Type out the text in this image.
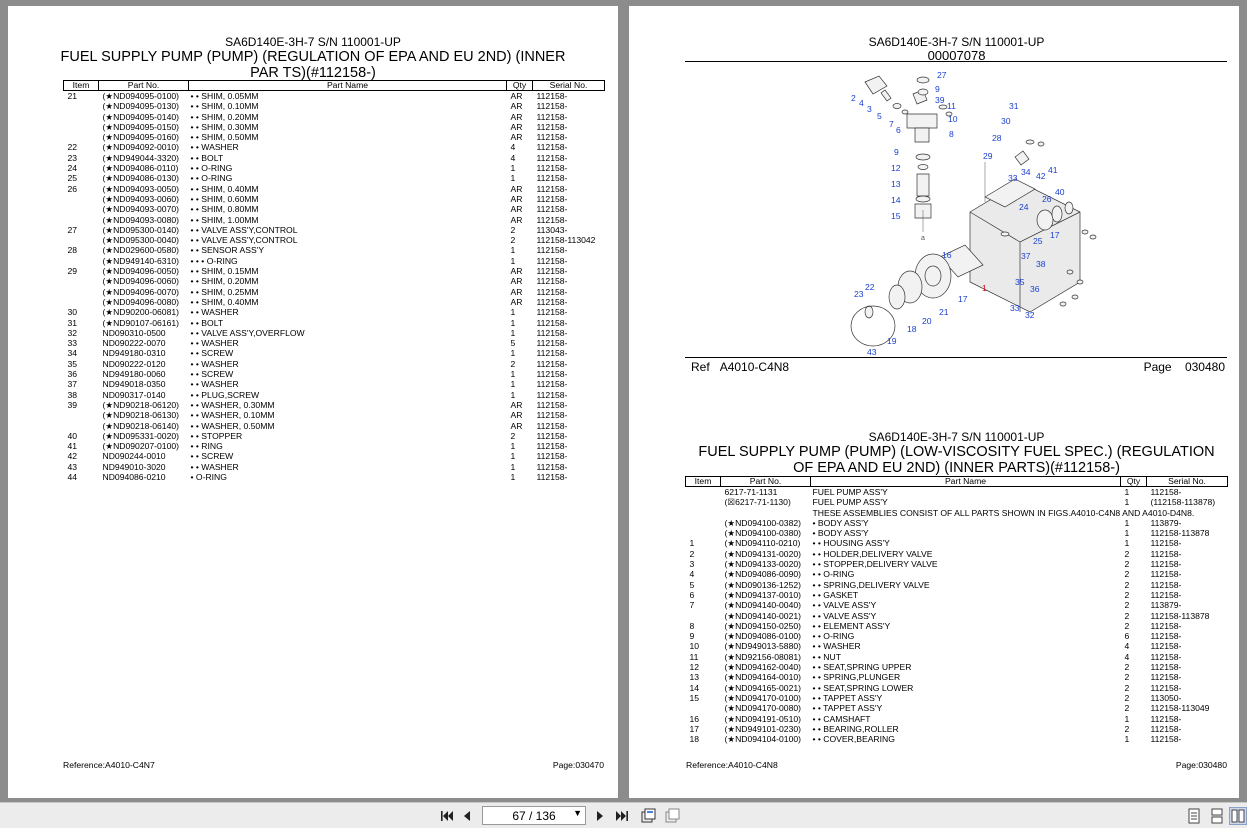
SA6D140E-3H-7 S/N 110001-UP
FUEL SUPPLY PUMP (PUMP) (REGULATION OF EPA AND EU 2ND) (INNER
PAR TS)(#112158-)
Item	Part No.	Part Name	Qty	Serial No.
21	(★ND094095-0100)	• • SHIM, 0.05MM	AR	112158-
	(★ND094095-0130)	• • SHIM, 0.10MM	AR	112158-
	(★ND094095-0140)	• • SHIM, 0.20MM	AR	112158-
	(★ND094095-0150)	• • SHIM, 0.30MM	AR	112158-
	(★ND094095-0160)	• • SHIM, 0.50MM	AR	112158-
22	(★ND094092-0010)	• • WASHER	4	112158-
23	(★ND949044-3320)	• • BOLT	4	112158-
24	(★ND094086-0110)	• • O-RING	1	112158-
25	(★ND094086-0130)	• • O-RING	1	112158-
26	(★ND094093-0050)	• • SHIM, 0.40MM	AR	112158-
	(★ND094093-0060)	• • SHIM, 0.60MM	AR	112158-
	(★ND094093-0070)	• • SHIM, 0.80MM	AR	112158-
	(★ND094093-0080)	• • SHIM, 1.00MM	AR	112158-
27	(★ND095300-0140)	• • VALVE ASS'Y,CONTROL	2	113043-
	(★ND095300-0040)	• • VALVE ASS'Y,CONTROL	2	112158-113042
28	(★ND029600-0580)	• • SENSOR ASS'Y	1	112158-
	(★ND949140-6310)	• • • O-RING	1	112158-
29	(★ND094096-0050)	• • SHIM, 0.15MM	AR	112158-
	(★ND094096-0060)	• • SHIM, 0.20MM	AR	112158-
	(★ND094096-0070)	• • SHIM, 0.25MM	AR	112158-
	(★ND094096-0080)	• • SHIM, 0.40MM	AR	112158-
30	(★ND90200-06081)	• • WASHER	1	112158-
31	(★ND90107-06161)	• • BOLT	1	112158-
32	ND090310-0500	• • VALVE ASS'Y,OVERFLOW	1	112158-
33	ND090222-0070	• • WASHER	5	112158-
34	ND949180-0310	• • SCREW	1	112158-
35	ND090222-0120	• • WASHER	2	112158-
36	ND949180-0060	• • SCREW	1	112158-
37	ND949018-0350	• • WASHER	1	112158-
38	ND090317-0140	• • PLUG,SCREW	1	112158-
39	(★ND90218-06120)	• • WASHER, 0.30MM	AR	112158-
	(★ND90218-06130)	• • WASHER, 0.10MM	AR	112158-
	(★ND90218-06140)	• • WASHER, 0.50MM	AR	112158-
40	(★ND095331-0020)	• • STOPPER	2	112158-
41	(★ND090207-0100)	• • RING	1	112158-
42	ND090244-0010	• • SCREW	1	112158-
43	ND949010-3020	• • WASHER	1	112158-
44	ND094086-0210	• O-RING	1	112158-
Reference:A4010-C4N7	Page:030470
SA6D140E-3H-7 S/N 110001-UP
00007078
27
9
39
11
10
8
2 4
3
5
7
6
31
30
28
29
9
12
13
14
15
33
34 42
41
40
26
24
25
17
37
38
16
35
36
1
22
23
21
20
18
19
43
33
32
17
a
Ref A4010-C4N8	Page 030480
SA6D140E-3H-7 S/N 110001-UP
FUEL SUPPLY PUMP (PUMP) (LOW-VISCOSITY FUEL SPEC.) (REGULATION
OF EPA AND EU 2ND) (INNER PARTS)(#112158-)
Item	Part No.	Part Name	Qty	Serial No.
	6217-71-1131	FUEL PUMP ASS'Y	1	112158-
	(☒6217-71-1130)	FUEL PUMP ASS'Y	1	(112158-113878)
		THESE ASSEMBLIES CONSIST OF ALL PARTS SHOWN IN FIGS.A4010-C4N8 AND A4010-D4N8.		
	(★ND094100-0382)	• BODY ASS'Y	1	113879-
	(★ND094100-0380)	• BODY ASS'Y	1	112158-113878
1	(★ND094110-0210)	• • HOUSING ASS'Y	1	112158-
2	(★ND094131-0020)	• • HOLDER,DELIVERY VALVE	2	112158-
3	(★ND094133-0020)	• • STOPPER,DELIVERY VALVE	2	112158-
4	(★ND094086-0090)	• • O-RING	2	112158-
5	(★ND090136-1252)	• • SPRING,DELIVERY VALVE	2	112158-
6	(★ND094137-0010)	• • GASKET	2	112158-
7	(★ND094140-0040)	• • VALVE ASS'Y	2	113879-
	(★ND094140-0021)	• • VALVE ASS'Y	2	112158-113878
8	(★ND094150-0250)	• • ELEMENT ASS'Y	2	112158-
9	(★ND094086-0100)	• • O-RING	6	112158-
10	(★ND949013-5880)	• • WASHER	4	112158-
11	(★ND92156-08081)	• • NUT	4	112158-
12	(★ND094162-0040)	• • SEAT,SPRING UPPER	2	112158-
13	(★ND094164-0010)	• • SPRING,PLUNGER	2	112158-
14	(★ND094165-0021)	• • SEAT,SPRING LOWER	2	112158-
15	(★ND094170-0100)	• • TAPPET ASS'Y	2	113050-
	(★ND094170-0080)	• • TAPPET ASS'Y	2	112158-113049
16	(★ND094191-0510)	• • CAMSHAFT	1	112158-
17	(★ND949101-0230)	• • BEARING,ROLLER	2	112158-
18	(★ND094104-0100)	• • COVER,BEARING	1	112158-
Reference:A4010-C4N8	Page:030480
67 / 136 ▼
